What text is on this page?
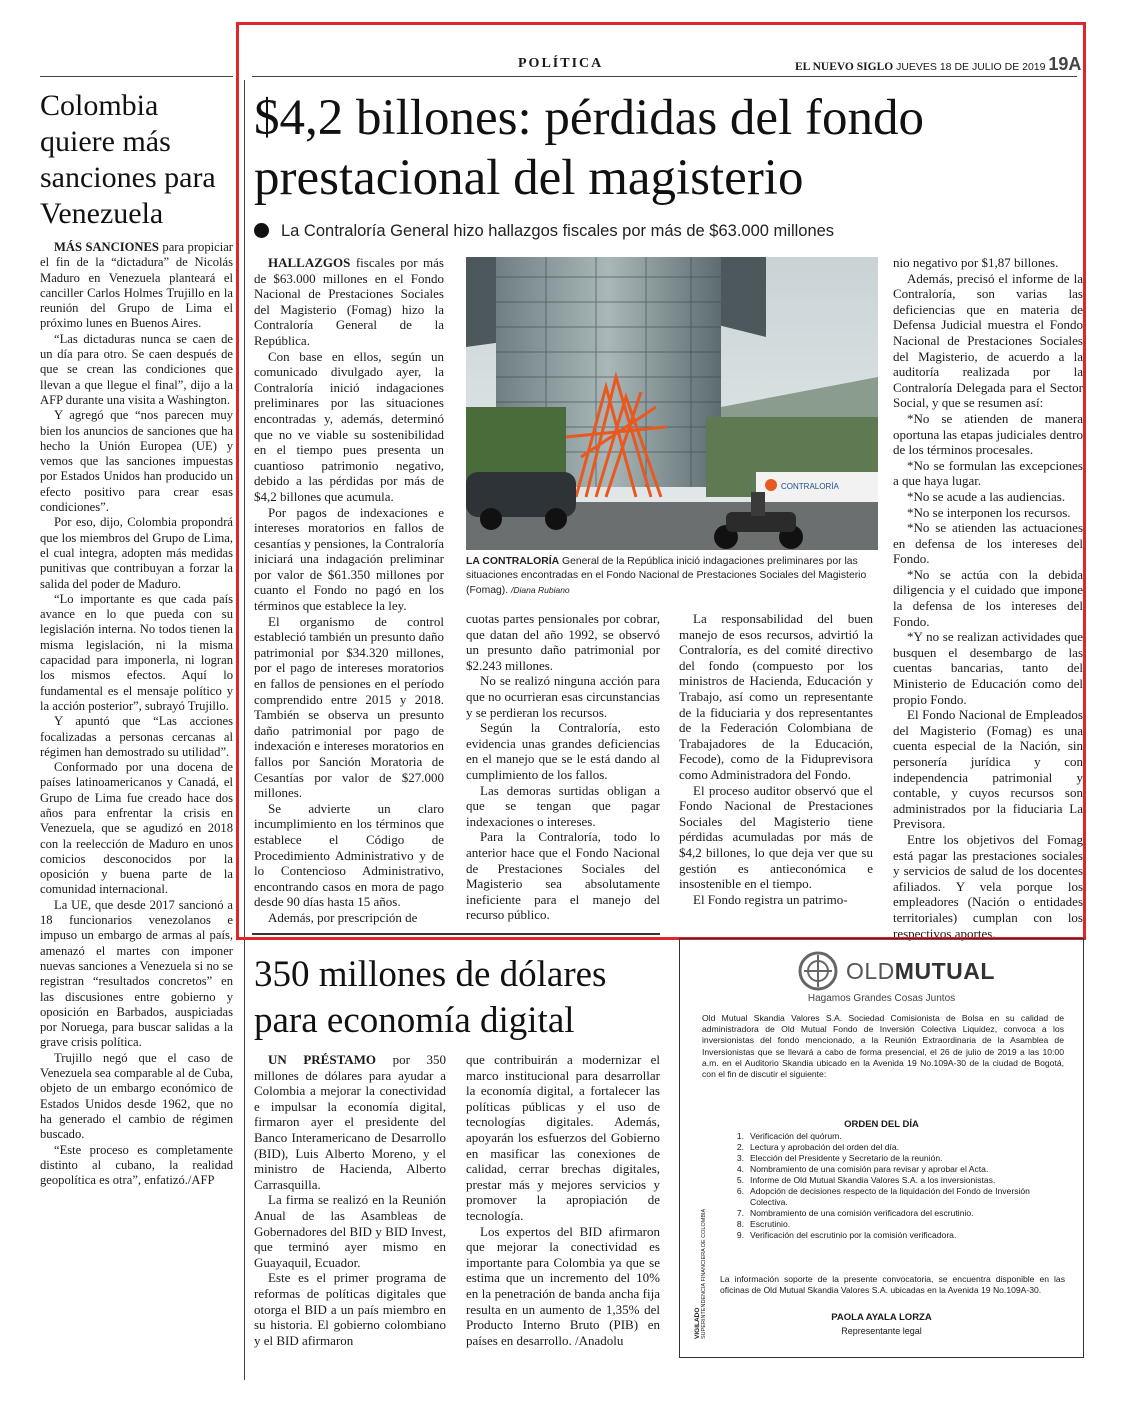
Colombia
quiere más
sanciones para
Venezuela

MÁS SANCIONES para propiciar el fin de la “dictadura” de Nicolás Maduro en Venezuela planteará el canciller Carlos Holmes Trujillo en la reunión del Grupo de Lima el próximo lunes en Buenos Aires.

“Las dictaduras nunca se caen de un día para otro. Se caen después de que se crean las condiciones que llevan a que llegue el final”, dijo a la AFP durante una visita a Washington.

Y agregó que “nos parecen muy bien los anuncios de sanciones que ha hecho la Unión Europea (UE) y vemos que las sanciones impuestas por Estados Unidos han producido un efecto positivo para crear esas condiciones”.

Por eso, dijo, Colombia propondrá que los miembros del Grupo de Lima, el cual integra, adopten más medidas punitivas que contribuyan a forzar la salida del poder de Maduro.

“Lo importante es que cada país avance en lo que pueda con su legislación interna. No todos tienen la misma legislación, ni la misma capacidad para imponerla, ni logran los mismos efectos. Aquí lo fundamental es el mensaje político y la acción posterior”, subrayó Trujillo.

Y apuntó que “Las acciones focalizadas a personas cercanas al régimen han demostrado su utilidad”.

Conformado por una docena de países latinoamericanos y Canadá, el Grupo de Lima fue creado hace dos años para enfrentar la crisis en Venezuela, que se agudizó en 2018 con la reelección de Maduro en unos comicios desconocidos por la oposición y buena parte de la comunidad internacional.

La UE, que desde 2017 sancionó a 18 funcionarios venezolanos e impuso un embargo de armas al país, amenazó el martes con imponer nuevas sanciones a Venezuela si no se registran “resultados concretos” en las discusiones entre gobierno y oposición en Barbados, auspiciadas por Noruega, para buscar salidas a la grave crisis política.

Trujillo negó que el caso de Venezuela sea comparable al de Cuba, objeto de un embargo económico de Estados Unidos desde 1962, que no ha generado el cambio de régimen buscado.

“Este proceso es completamente distinto al cubano, la realidad geopolítica es otra”, enfatizó./AFP

POLÍTICA	EL NUEVO SIGLO JUEVES 18 DE JULIO DE 2019 19A
$4,2 billones: pérdidas del fondo
prestacional del magisterio
La Contraloría General hizo hallazgos fiscales por más de $63.000 millones

HALLAZGOS fiscales por más de $63.000 millones en el Fondo Nacional de Prestaciones Sociales del Magisterio (Fomag) hizo la Contraloría General de la República.

Con base en ellos, según un comunicado divulgado ayer, la Contraloría inició indagaciones preliminares por las situaciones encontradas y, además, determinó que no ve viable su sostenibilidad en el tiempo pues presenta un cuantioso patrimonio negativo, debido a las pérdidas por más de $4,2 billones que acumula.

Por pagos de indexaciones e intereses moratorios en fallos de cesantías y pensiones, la Contraloría iniciará una indagación preliminar por valor de $61.350 millones por cuanto el Fondo no pagó en los términos que establece la ley.

El organismo de control estableció también un presunto daño patrimonial por $34.320 millones, por el pago de intereses moratorios en fallos de pensiones en el período comprendido entre 2015 y 2018. También se observa un presunto daño patrimonial por pago de indexación e intereses moratorios en fallos por Sanción Moratoria de Cesantías por valor de $27.000 millones.

Se advierte un claro incumplimiento en los términos que establece el Código de Procedimiento Administrativo y de lo Contencioso Administrativo, encontrando casos en mora de pago desde 90 días hasta 15 años.

Además, por prescripción de

CONTRALORÍA
LA CONTRALORÍA General de la República inició indagaciones preliminares por las situaciones encontradas en el Fondo Nacional de Prestaciones Sociales del Magisterio (Fomag). /Diana Rubiano

cuotas partes pensionales por cobrar, que datan del año 1992, se observó un presunto daño patrimonial por $2.243 millones.

No se realizó ninguna acción para que no ocurrieran esas circunstancias y se perdieran los recursos.

Según la Contraloría, esto evidencia unas grandes deficiencias en el manejo que se le está dando al cumplimiento de los fallos.

Las demoras surtidas obligan a que se tengan que pagar indexaciones o intereses.

Para la Contraloría, todo lo anterior hace que el Fondo Nacional de Prestaciones Sociales del Magisterio sea absolutamente ineficiente para el manejo del recurso público.

La responsabilidad del buen manejo de esos recursos, advirtió la Contraloría, es del comité directivo del fondo (compuesto por los ministros de Hacienda, Educación y Trabajo, así como un representante de la fiduciaria y dos representantes de la Federación Colombiana de Trabajadores de la Educación, Fecode), como de la Fiduprevisora como Administradora del Fondo.

El proceso auditor observó que el Fondo Nacional de Prestaciones Sociales del Magisterio tiene pérdidas acumuladas por más de $4,2 billones, lo que deja ver que su gestión es antieconómica e insostenible en el tiempo.

El Fondo registra un patrimo-

nio negativo por $1,87 billones.

Además, precisó el informe de la Contraloría, son varias las deficiencias que en materia de Defensa Judicial muestra el Fondo Nacional de Prestaciones Sociales del Magisterio, de acuerdo a la auditoría realizada por la Contraloría Delegada para el Sector Social, y que se resumen así:

*No se atienden de manera oportuna las etapas judiciales dentro de los términos procesales.

*No se formulan las excepciones a que haya lugar.

*No se acude a las audiencias.

*No se interponen los recursos.

*No se atienden las actuaciones en defensa de los intereses del Fondo.

*No se actúa con la debida diligencia y el cuidado que impone la defensa de los intereses del Fondo.

*Y no se realizan actividades que busquen el desembargo de las cuentas bancarias, tanto del Ministerio de Educación como del propio Fondo.

El Fondo Nacional de Empleados del Magisterio (Fomag) es una cuenta especial de la Nación, sin personería jurídica y con independencia patrimonial y contable, y cuyos recursos son administrados por la fiduciaria La Previsora.

Entre los objetivos del Fomag está pagar las prestaciones sociales y servicios de salud de los docentes afiliados. Y vela porque los empleadores (Nación o entidades territoriales) cumplan con los respectivos aportes.

350 millones de dólares
para economía digital

UN PRÉSTAMO por 350 millones de dólares para ayudar a Colombia a mejorar la conectividad e impulsar la economía digital, firmaron ayer el presidente del Banco Interamericano de Desarrollo (BID), Luis Alberto Moreno, y el ministro de Hacienda, Alberto Carrasquilla.

La firma se realizó en la Reunión Anual de las Asambleas de Gobernadores del BID y BID Invest, que terminó ayer mismo en Guayaquil, Ecuador.

Este es el primer programa de reformas de políticas digitales que otorga el BID a un país miembro en su historia. El gobierno colombiano y el BID afirmaron

que contribuirán a modernizar el marco institucional para desarrollar la economía digital, a fortalecer las políticas públicas y el uso de tecnologías digitales. Además, apoyarán los esfuerzos del Gobierno en masificar las conexiones de calidad, cerrar brechas digitales, prestar más y mejores servicios y promover la apropiación de tecnología.

Los expertos del BID afirmaron que mejorar la conectividad es importante para Colombia ya que se estima que un incremento del 10% en la penetración de banda ancha fija resulta en un aumento de 1,35% del Producto Interno Bruto (PIB) en países en desarrollo. /Anadolu

OLDMUTUAL
Hagamos Grandes Cosas Juntos
Old Mutual Skandia Valores S.A. Sociedad Comisionista de Bolsa en su calidad de administradora de Old Mutual Fondo de Inversión Colectiva Liquidez, convoca a los inversionistas del fondo mencionado, a la Reunión Extraordinaria de la Asamblea de Inversionistas que se llevará a cabo de forma presencial, el 26 de julio de 2019 a las 10:00 a.m. en el Auditorio Skandia ubicado en la Avenida 19 No.109A-30 de la ciudad de Bogotá, con el fin de discutir el siguiente:
ORDEN DEL DÍA
1. Verificación del quórum.
2. Lectura y aprobación del orden del día.
3. Elección del Presidente y Secretario de la reunión.
4. Nombramiento de una comisión para revisar y aprobar el Acta.
5. Informe de Old Mutual Skandia Valores S.A. a los inversionistas.
6. Adopción de decisiones respecto de la liquidación del Fondo de Inversión Colectiva.
7. Nombramiento de una comisión verificadora del escrutinio.
8. Escrutinio.
9. Verificación del escrutinio por la comisión verificadora.
VIGILADO SUPERINTENDENCIA FINANCIERA DE COLOMBIA La información soporte de la presente convocatoria, se encuentra disponible en las oficinas de Old Mutual Skandia Valores S.A. ubicadas en la Avenida 19 No.109A-30.
PAOLA AYALA LORZA
Representante legal
